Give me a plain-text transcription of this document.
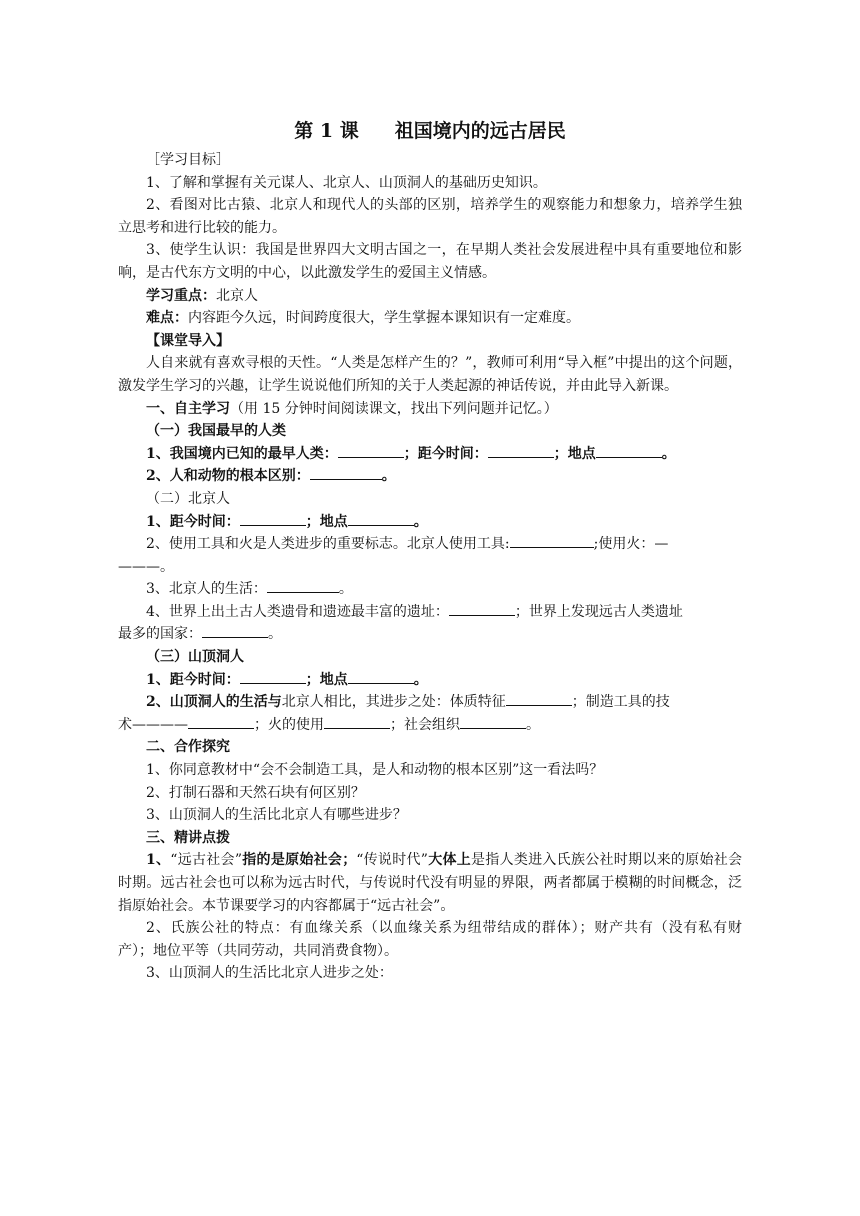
第 1 课 祖国境内的远古居民

［学习目标］

1、了解和掌握有关元谋人、北京人、山顶洞人的基础历史知识。

2、看图对比古猿、北京人和现代人的头部的区别，培养学生的观察能力和想象力，培养学生独立思考和进行比较的能力。

3、使学生认识：我国是世界四大文明古国之一，在早期人类社会发展进程中具有重要地位和影响，是古代东方文明的中心，以此激发学生的爱国主义情感。

学习重点：北京人

难点：内容距今久远，时间跨度很大，学生掌握本课知识有一定难度。

【课堂导入】

人自来就有喜欢寻根的天性。“人类是怎样产生的？”，教师可利用“导入框”中提出的这个问题，激发学生学习的兴趣，让学生说说他们所知的关于人类起源的神话传说，并由此导入新课。

一、自主学习（用 15 分钟时间阅读课文，找出下列问题并记忆。）

（一）我国最早的人类

1、我国境内已知的最早人类：	；距今时间：	；地点	。

2、人和动物的根本区别：	。

（二）北京人

1、距今时间：	；地点	。

2、使用工具和火是人类进步的重要标志。北京人使用工具:	;使用火：—

———。

3、北京人的生活：	。

4、世界上出土古人类遗骨和遗迹最丰富的遗址：	；世界上发现远古人类遗址

最多的国家：	。

（三）山顶洞人

1、距今时间：	；地点	。

2、山顶洞人的生活与北京人相比，其进步之处：体质特征	；制造工具的技

术————	；火的使用	；社会组织	。

二、合作探究

1、你同意教材中“会不会制造工具，是人和动物的根本区别”这一看法吗？

2、打制石器和天然石块有何区别？

3、山顶洞人的生活比北京人有哪些进步？

三、精讲点拨

1、“远古社会”指的是原始社会；“传说时代”大体上是指人类进入氏族公社时期以来的原始社会时期。远古社会也可以称为远古时代，与传说时代没有明显的界限，两者都属于模糊的时间概念，泛指原始社会。本节课要学习的内容都属于“远古社会”。

2、氏族公社的特点：有血缘关系（以血缘关系为纽带结成的群体）；财产共有（没有私有财产）；地位平等（共同劳动，共同消费食物）。

3、山顶洞人的生活比北京人进步之处：
